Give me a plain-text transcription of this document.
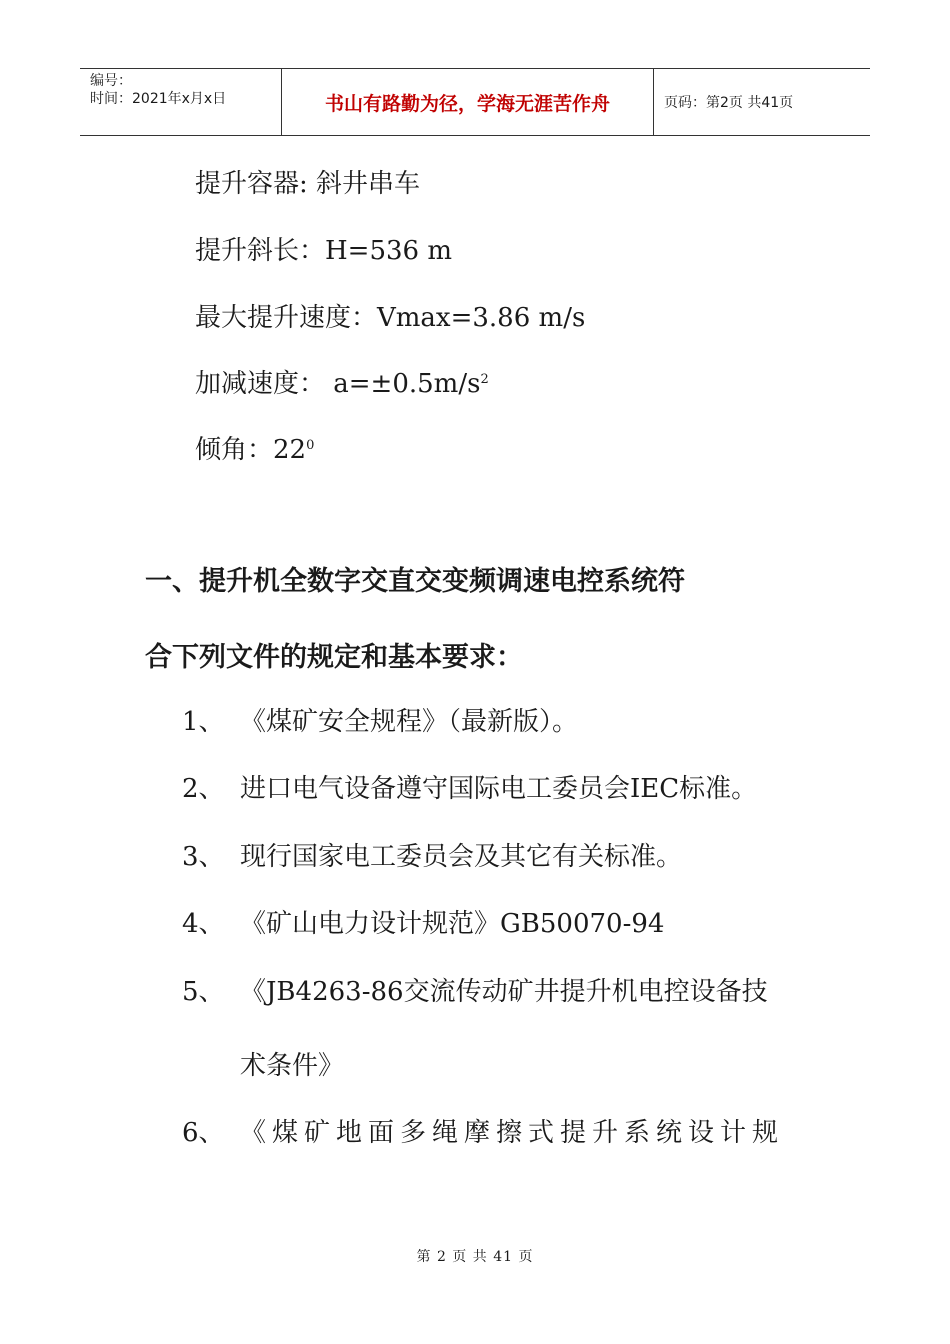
编号：
时间：2021年x月x日	书山有路勤为径，学海无涯苦作舟	页码：第2页 共41页
提升容器: 斜井串车
提升斜长：H=536 m
最大提升速度：Vmax=3.86 m/s
加减速度： $a=\pm 0.5m/s^2$
倾角：$22^0$
一、提升机全数字交直交变频调速电控系统符
合下列文件的规定和基本要求：
1、 《煤矿安全规程》（最新版）。
2、 进口电气设备遵守国际电工委员会IEC标准。
3、 现行国家电工委员会及其它有关标准。
4、 《矿山电力设计规范》GB50070-94
5、 《JB4263-86交流传动矿井提升机电控设备技
术条件》
6、 《煤矿地面多绳摩擦式提升系统设计规
第 2 页 共 41 页
